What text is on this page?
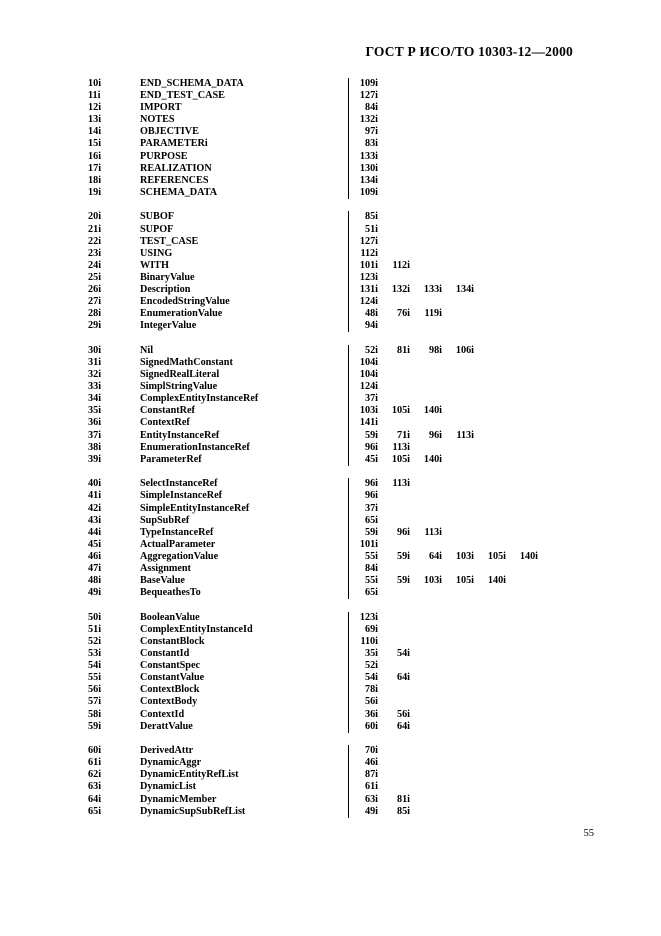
ГОСТ Р ИСО/ТО 10303-12—2000
10i	END_SCHEMA_DATA	109i
11i	END_TEST_CASE	127i
12i	IMPORT	84i
13i	NOTES	132i
14i	OBJECTIVE	97i
15i	PARAMETERi	83i
16i	PURPOSE	133i
17i	REALIZATION	130i
18i	REFERENCES	134i
19i	SCHEMA_DATA	109i
20i	SUBOF	85i
21i	SUPOF	51i
22i	TEST_CASE	127i
23i	USING	112i
24i	WITH	101i	112i
25i	BinaryValue	123i
26i	Description	131i	132i	133i	134i
27i	EncodedStringValue	124i
28i	EnumerationValue	48i	76i	119i
29i	IntegerValue	94i
30i	Nil	52i	81i	98i	106i
31i	SignedMathConstant	104i
32i	SignedRealLiteral	104i
33i	SimplStringValue	124i
34i	ComplexEntityInstanceRef	37i
35i	ConstantRef	103i	105i	140i
36i	ContextRef	141i
37i	EntityInstanceRef	59i	71i	96i	113i
38i	EnumerationInstanceRef	96i	113i
39i	ParameterRef	45i	105i	140i
40i	SelectInstanceRef	96i	113i
41i	SimpleInstanceRef	96i
42i	SimpleEntityInstanceRef	37i
43i	SupSubRef	65i
44i	TypeInstanceRef	59i	96i	113i
45i	ActualParameter	101i
46i	AggregationValue	55i	59i	64i	103i	105i	140i
47i	Assignment	84i
48i	BaseValue	55i	59i	103i	105i	140i
49i	BequeathesTo	65i
50i	BooleanValue	123i
51i	ComplexEntityInstanceId	69i
52i	ConstantBlock	110i
53i	ConstantId	35i	54i
54i	ConstantSpec	52i
55i	ConstantValue	54i	64i
56i	ContextBlock	78i
57i	ContextBody	56i
58i	ContextId	36i	56i
59i	DerattValue	60i	64i
60i	DerivedAttr	70i
61i	DynamicAggr	46i
62i	DynamicEntityRefList	87i
63i	DynamicList	61i
64i	DynamicMember	63i	81i
65i	DynamicSupSubRefList	49i	85i
55
